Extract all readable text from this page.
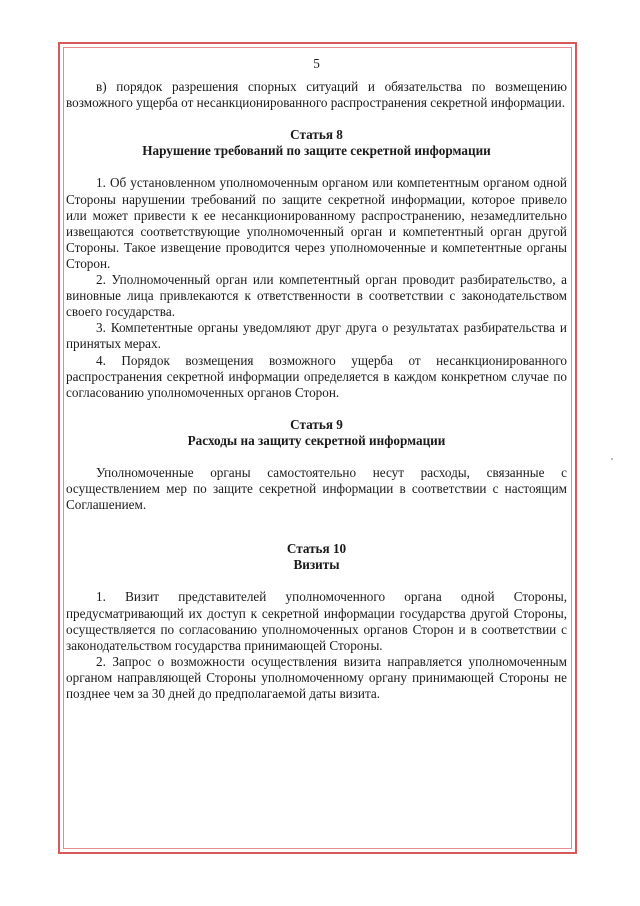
5

в) порядок разрешения спорных ситуаций и обязательства по возмещению возможного ущерба от несанкционированного распространения секретной информации.

Статья 8
Нарушение требований по защите секретной информации

1. Об установленном уполномоченным органом или компетентным органом одной Стороны нарушении требований по защите секретной информации, которое привело или может привести к ее несанкционированному распространению, незамедлительно извещаются соответствующие уполномоченный орган и компетентный орган другой Стороны. Такое извещение проводится через уполномоченные и компетентные органы Сторон.

2. Уполномоченный орган или компетентный орган проводит разбирательство, а виновные лица привлекаются к ответственности в соответствии с законодательством своего государства.

3. Компетентные органы уведомляют друг друга о результатах разбирательства и принятых мерах.

4. Порядок возмещения возможного ущерба от несанкционированного распространения секретной информации определяется в каждом конкретном случае по согласованию уполномоченных органов Сторон.

Статья 9
Расходы на защиту секретной информации

Уполномоченные органы самостоятельно несут расходы, связанные с осуществлением мер по защите секретной информации в соответствии с настоящим Соглашением.

Статья 10
Визиты

1. Визит представителей уполномоченного органа одной Стороны, предусматривающий их доступ к секретной информации государства другой Стороны, осуществляется по согласованию уполномоченных органов Сторон и в соответствии с законодательством государства принимающей Стороны.

2. Запрос о возможности осуществления визита направляется уполномоченным органом направляющей Стороны уполномоченному органу принимающей Стороны не позднее чем за 30 дней до предполагаемой даты визита.
